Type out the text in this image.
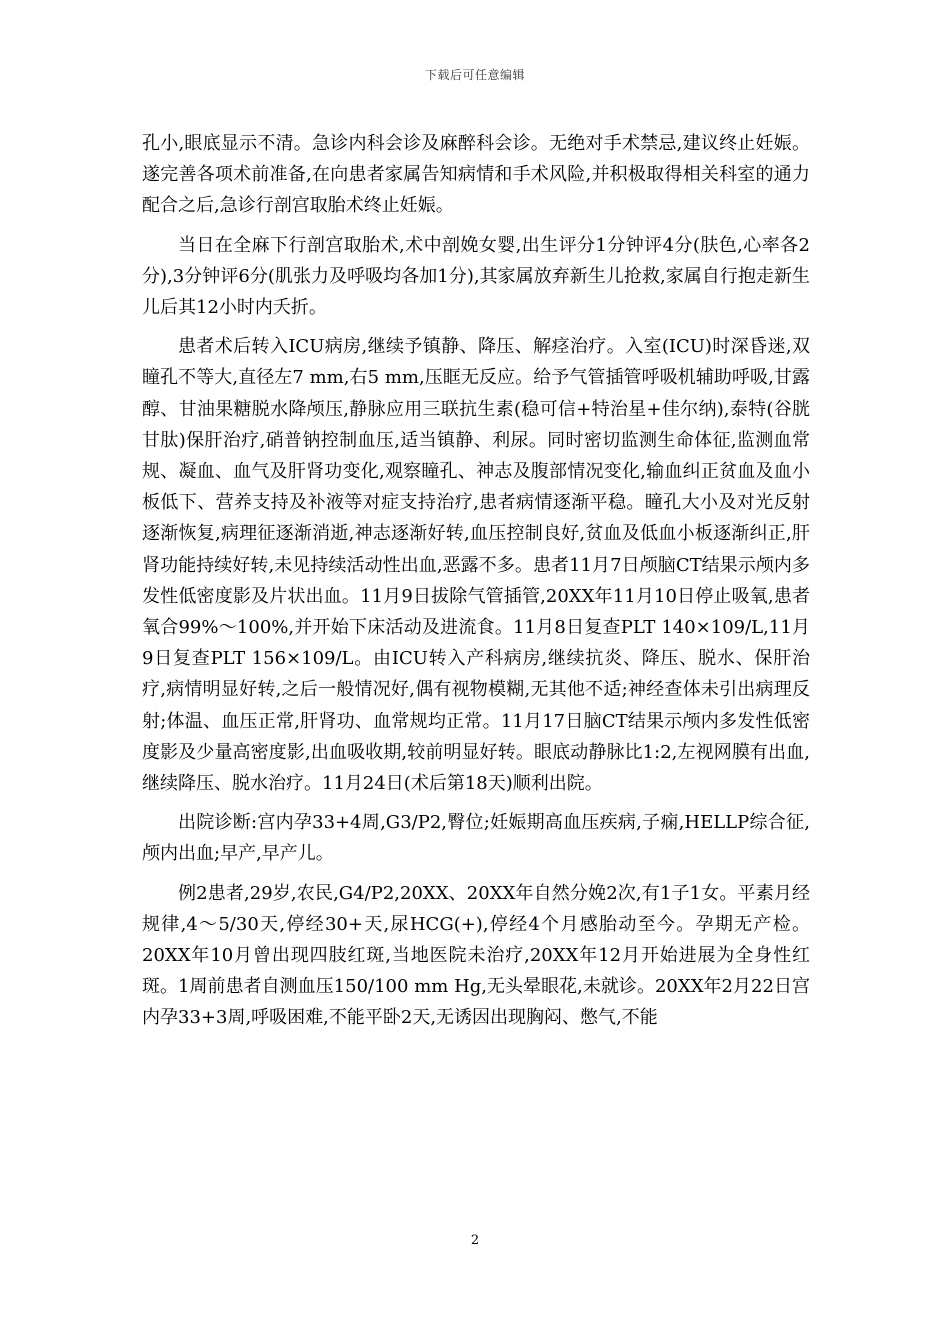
下载后可任意编辑

孔小,眼底显示不清。急诊内科会诊及麻醉科会诊。无绝对手术禁忌,建议终止妊娠。遂完善各项术前准备,在向患者家属告知病情和手术风险,并积极取得相关科室的通力配合之后,急诊行剖宫取胎术终止妊娠。

当日在全麻下行剖宫取胎术,术中剖娩女婴,出生评分1分钟评4分(肤色,心率各2分),3分钟评6分(肌张力及呼吸均各加1分),其家属放弃新生儿抢救,家属自行抱走新生儿后其12小时内夭折。

患者术后转入ICU病房,继续予镇静、降压、解痉治疗。入室(ICU)时深昏迷,双瞳孔不等大,直径左7 mm,右5 mm,压眶无反应。给予气管插管呼吸机辅助呼吸,甘露醇、甘油果糖脱水降颅压,静脉应用三联抗生素(稳可信+特治星+佳尔纳),泰特(谷胱甘肽)保肝治疗,硝普钠控制血压,适当镇静、利尿。同时密切监测生命体征,监测血常规、凝血、血气及肝肾功变化,观察瞳孔、神志及腹部情况变化,输血纠正贫血及血小板低下、营养支持及补液等对症支持治疗,患者病情逐渐平稳。瞳孔大小及对光反射逐渐恢复,病理征逐渐消逝,神志逐渐好转,血压控制良好,贫血及低血小板逐渐纠正,肝肾功能持续好转,未见持续活动性出血,恶露不多。患者11月7日颅脑CT结果示颅内多发性低密度影及片状出血。11月9日拔除气管插管,20XX年11月10日停止吸氧,患者氧合99%～100%,并开始下床活动及进流食。11月8日复查PLT 140×109/L,11月9日复查PLT 156×109/L。由ICU转入产科病房,继续抗炎、降压、脱水、保肝治疗,病情明显好转,之后一般情况好,偶有视物模糊,无其他不适;神经查体未引出病理反射;体温、血压正常,肝肾功、血常规均正常。11月17日脑CT结果示颅内多发性低密度影及少量高密度影,出血吸收期,较前明显好转。眼底动静脉比1:2,左视网膜有出血,继续降压、脱水治疗。11月24日(术后第18天)顺利出院。

出院诊断:宫内孕33+4周,G3/P2,臀位;妊娠期高血压疾病,子痫,HELLP综合征,颅内出血;早产,早产儿。

例2患者,29岁,农民,G4/P2,20XX、20XX年自然分娩2次,有1子1女。平素月经规律,4～5/30天,停经30+天,尿HCG(+),停经4个月感胎动至今。孕期无产检。20XX年10月曾出现四肢红斑,当地医院未治疗,20XX年12月开始进展为全身性红斑。1周前患者自测血压150/100 mm Hg,无头晕眼花,未就诊。20XX年2月22日宫内孕33+3周,呼吸困难,不能平卧2天,无诱因出现胸闷、憋气,不能

2
